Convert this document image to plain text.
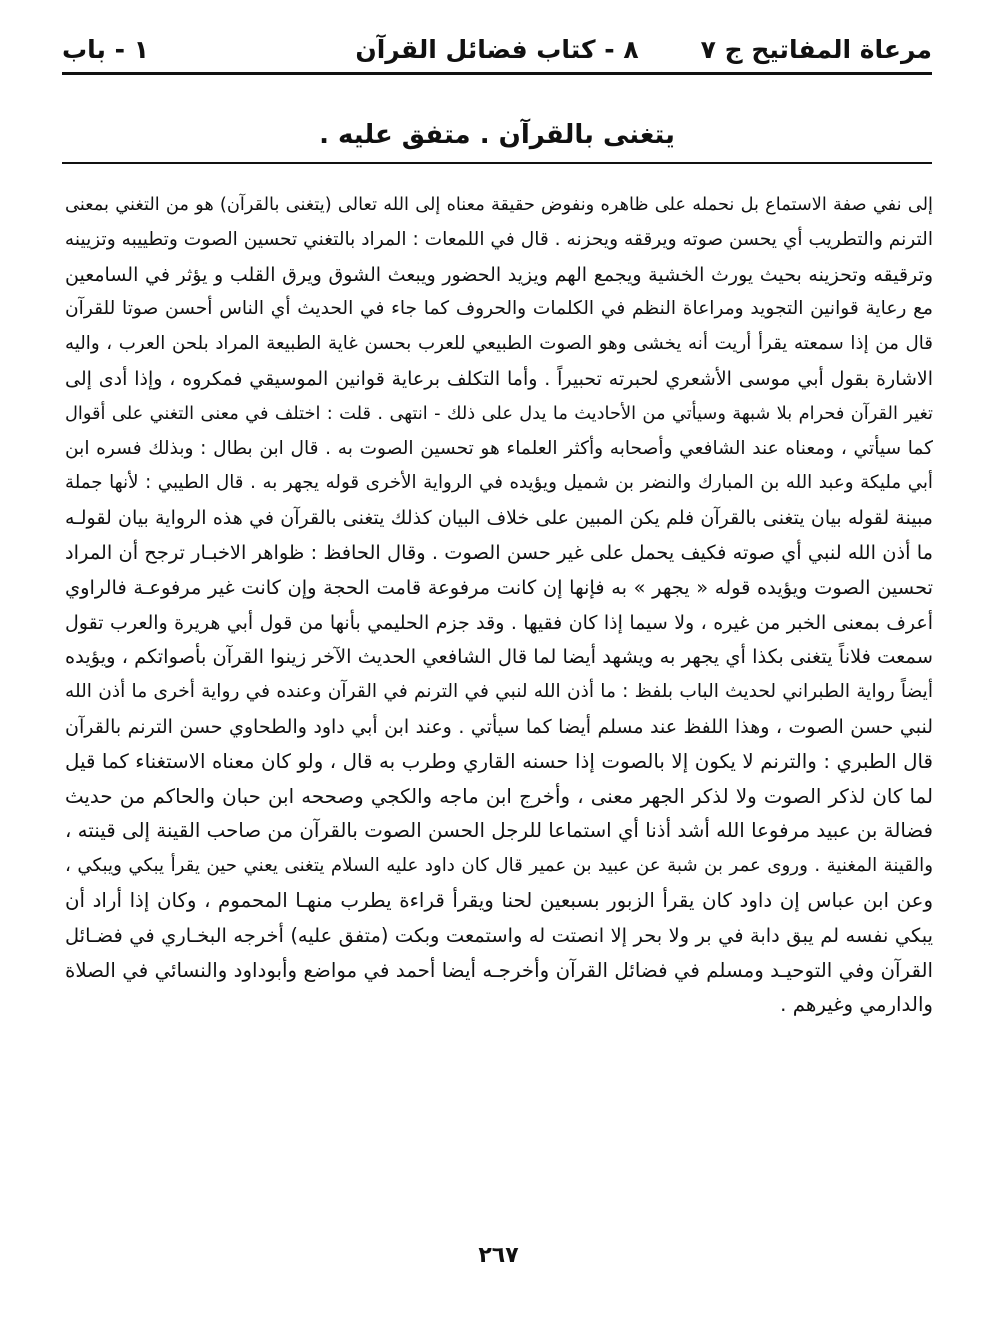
مرعاة المفاتيح ج ٧
٨ - كتاب فضائل القرآن
١ - باب
يتغنى بالقرآن . متفق عليه .
إلى نفي صفة الاستماع بل نحمله على ظاهره ونفوض حقيقة معناه إلى الله تعالى (يتغنى بالقرآن) هو من التغني بمعنى
الترنم والتطريب أي يحسن صوته ويرققه ويحزنه . قال في اللمعات : المراد بالتغني تحسين الصوت وتطييبه وتزيينه
وترقيقه وتحزينه بحيث يورث الخشية ويجمع الهم ويزيد الحضور ويبعث الشوق ويرق القلب و يؤثر في السامعين
مع رعاية قوانين التجويد ومراعاة النظم في الكلمات والحروف كما جاء في الحديث أي الناس أحسن صوتا للقرآن
قال من إذا سمعته يقرأ أريت أنه يخشى وهو الصوت الطبيعي للعرب بحسن غاية الطبيعة المراد بلحن العرب ، واليه
الاشارة بقول أبي موسى الأشعري لحبرته تحبيراً . وأما التكلف برعاية قوانين الموسيقي فمكروه ، وإذا أدى إلى
تغير القرآن فحرام بلا شبهة وسيأتي من الأحاديث ما يدل على ذلك - انتهى . قلت : اختلف في معنى التغني على أقوال
كما سيأتي ، ومعناه عند الشافعي وأصحابه وأكثر العلماء هو تحسين الصوت به . قال ابن بطال : وبذلك فسره ابن
أبي مليكة وعبد الله بن المبارك والنضر بن شميل ويؤيده في الرواية الأخرى قوله يجهر به . قال الطيبي : لأنها جملة
مبينة لقوله بيان يتغنى بالقرآن فلم يكن المبين على خلاف البيان كذلك يتغنى بالقرآن في هذه الرواية بيان لقولـه
ما أذن الله لنبي أي صوته فكيف يحمل على غير حسن الصوت . وقال الحافظ : ظواهر الاخبـار ترجح أن المراد
تحسين الصوت ويؤيده قوله « يجهر » به فإنها إن كانت مرفوعة قامت الحجة وإن كانت غير مرفوعـة فالراوي
أعرف بمعنى الخبر من غيره ، ولا سيما إذا كان فقيها . وقد جزم الحليمي بأنها من قول أبي هريرة والعرب تقول
سمعت فلاناً يتغنى بكذا أي يجهر به ويشهد أيضا لما قال الشافعي الحديث الآخر زينوا القرآن بأصواتكم ، ويؤيده
أيضاً رواية الطبراني لحديث الباب بلفظ : ما أذن الله لنبي في الترنم في القرآن وعنده في رواية أخرى ما أذن الله
لنبي حسن الصوت ، وهذا اللفظ عند مسلم أيضا كما سيأتي . وعند ابن أبي داود والطحاوي حسن الترنم بالقرآن
قال الطبري : والترنم لا يكون إلا بالصوت إذا حسنه القاري وطرب به قال ، ولو كان معناه الاستغناء كما قيل
لما كان لذكر الصوت ولا لذكر الجهر معنى ، وأخرج ابن ماجه والكجي وصححه ابن حبان والحاكم من حديث
فضالة بن عبيد مرفوعا الله أشد أذنا أي استماعا للرجل الحسن الصوت بالقرآن من صاحب القينة إلى قينته ،
والقينة المغنية . وروى عمر بن شبة عن عبيد بن عمير قال كان داود عليه السلام يتغنى يعني حين يقرأ يبكي ويبكي ،
وعن ابن عباس إن داود كان يقرأ الزبور بسبعين لحنا ويقرأ قراءة يطرب منهـا المحموم ، وكان إذا أراد أن
يبكي نفسه لم يبق دابة في بر ولا بحر إلا انصتت له واستمعت وبكت (متفق عليه) أخرجه البخـاري في فضـائل
القرآن وفي التوحيـد ومسلم في فضائل القرآن وأخرجـه أيضا أحمد في مواضع وأبوداود والنسائي في الصلاة
والدارمي وغيرهم .
٢٦٧
